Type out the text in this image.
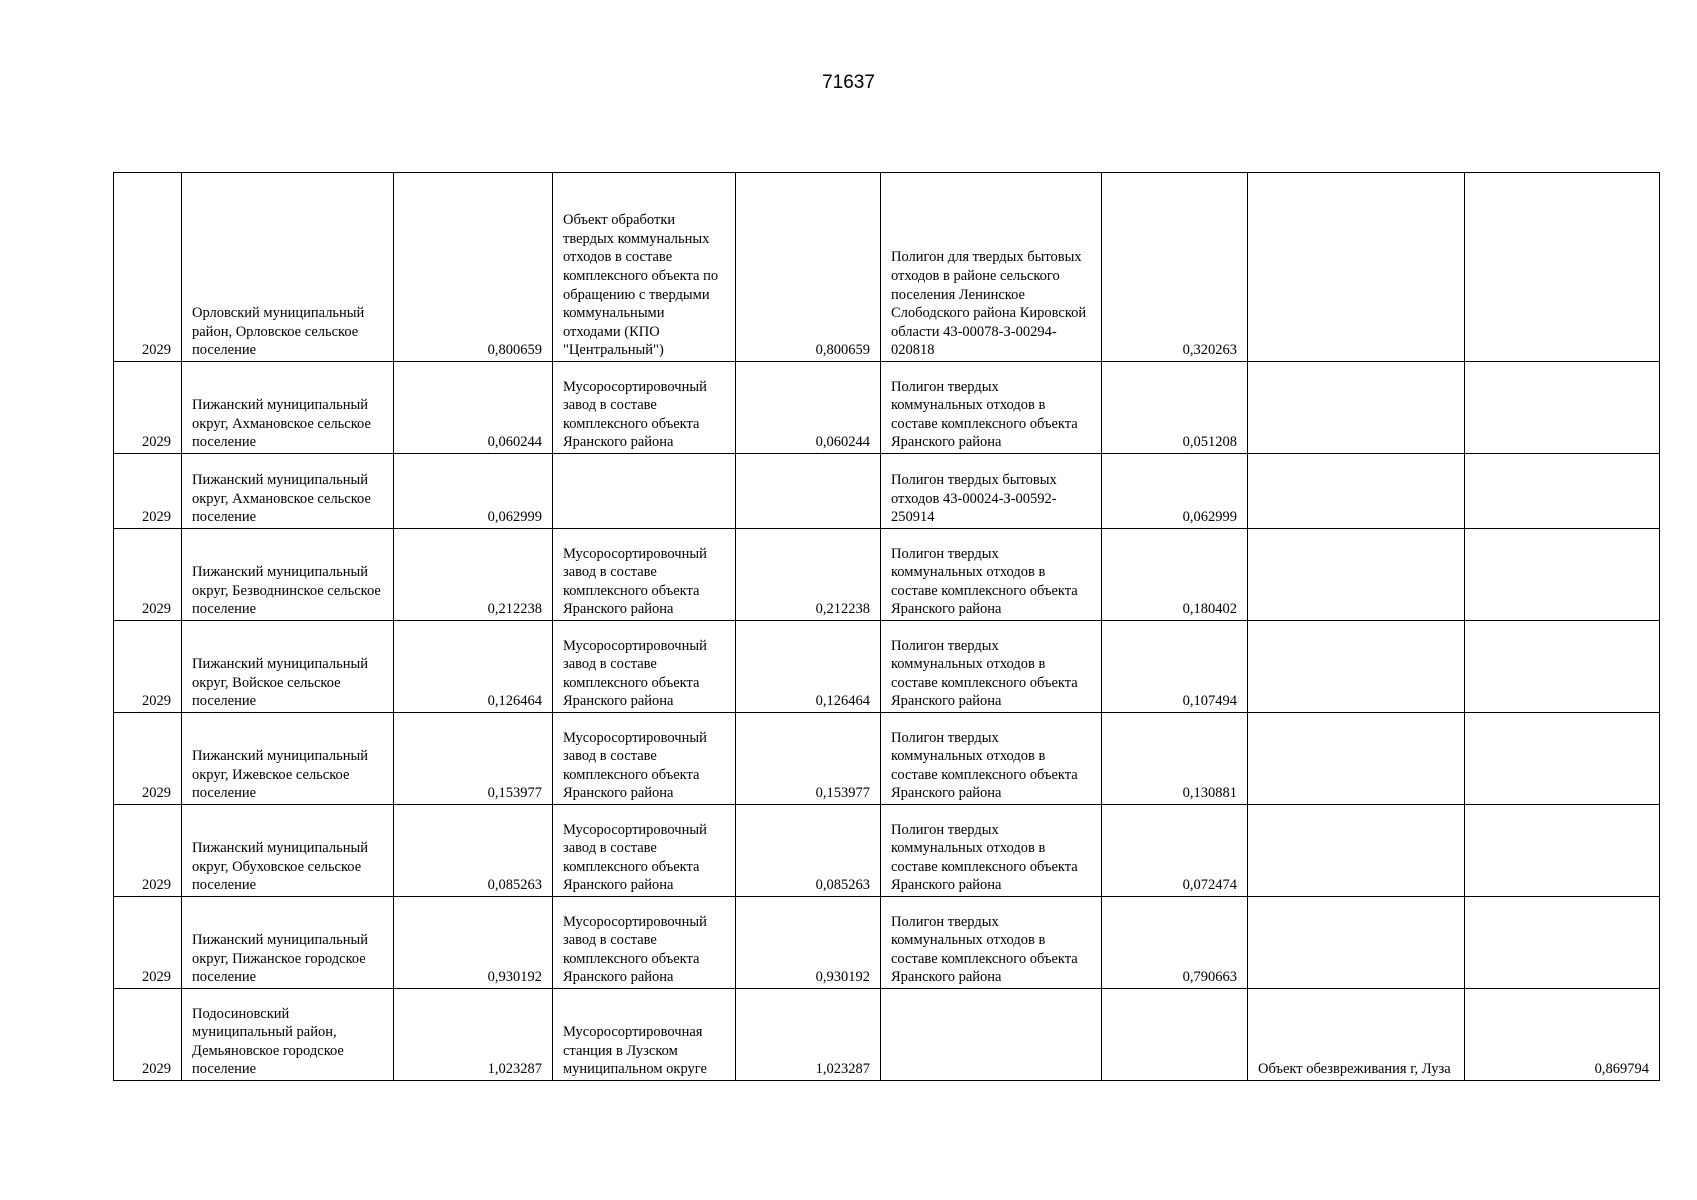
71637
2029	Орловский муниципальный район, Орловское сельское поселение	0,800659	Объект обработки твердых коммунальных отходов в составе комплексного объекта по обращению с твердыми коммунальными отходами (КПО "Центральный")	0,800659	Полигон для твердых бытовых отходов в районе сельского поселения Ленинское Слободского района Кировской области 43-00078-З-00294-020818	0,320263		
2029	Пижанский муниципальный округ, Ахмановское сельское поселение	0,060244	Мусоросортировочный завод в составе комплексного объекта Яранского района	0,060244	Полигон твердых коммунальных отходов в составе комплексного объекта Яранского района	0,051208		
2029	Пижанский муниципальный округ, Ахмановское сельское поселение	0,062999			Полигон твердых бытовых отходов 43-00024-З-00592-250914	0,062999		
2029	Пижанский муниципальный округ, Безводнинское сельское поселение	0,212238	Мусоросортировочный завод в составе комплексного объекта Яранского района	0,212238	Полигон твердых коммунальных отходов в составе комплексного объекта Яранского района	0,180402		
2029	Пижанский муниципальный округ, Войское сельское поселение	0,126464	Мусоросортировочный завод в составе комплексного объекта Яранского района	0,126464	Полигон твердых коммунальных отходов в составе комплексного объекта Яранского района	0,107494		
2029	Пижанский муниципальный округ, Ижевское сельское поселение	0,153977	Мусоросортировочный завод в составе комплексного объекта Яранского района	0,153977	Полигон твердых коммунальных отходов в составе комплексного объекта Яранского района	0,130881		
2029	Пижанский муниципальный округ, Обуховское сельское поселение	0,085263	Мусоросортировочный завод в составе комплексного объекта Яранского района	0,085263	Полигон твердых коммунальных отходов в составе комплексного объекта Яранского района	0,072474		
2029	Пижанский муниципальный округ, Пижанское городское поселение	0,930192	Мусоросортировочный завод в составе комплексного объекта Яранского района	0,930192	Полигон твердых коммунальных отходов в составе комплексного объекта Яранского района	0,790663		
2029	Подосиновский муниципальный район, Демьяновское городское поселение	1,023287	Мусоросортировочная станция в Лузском муниципальном округе	1,023287			Объект обезвреживания г, Луза	0,869794
